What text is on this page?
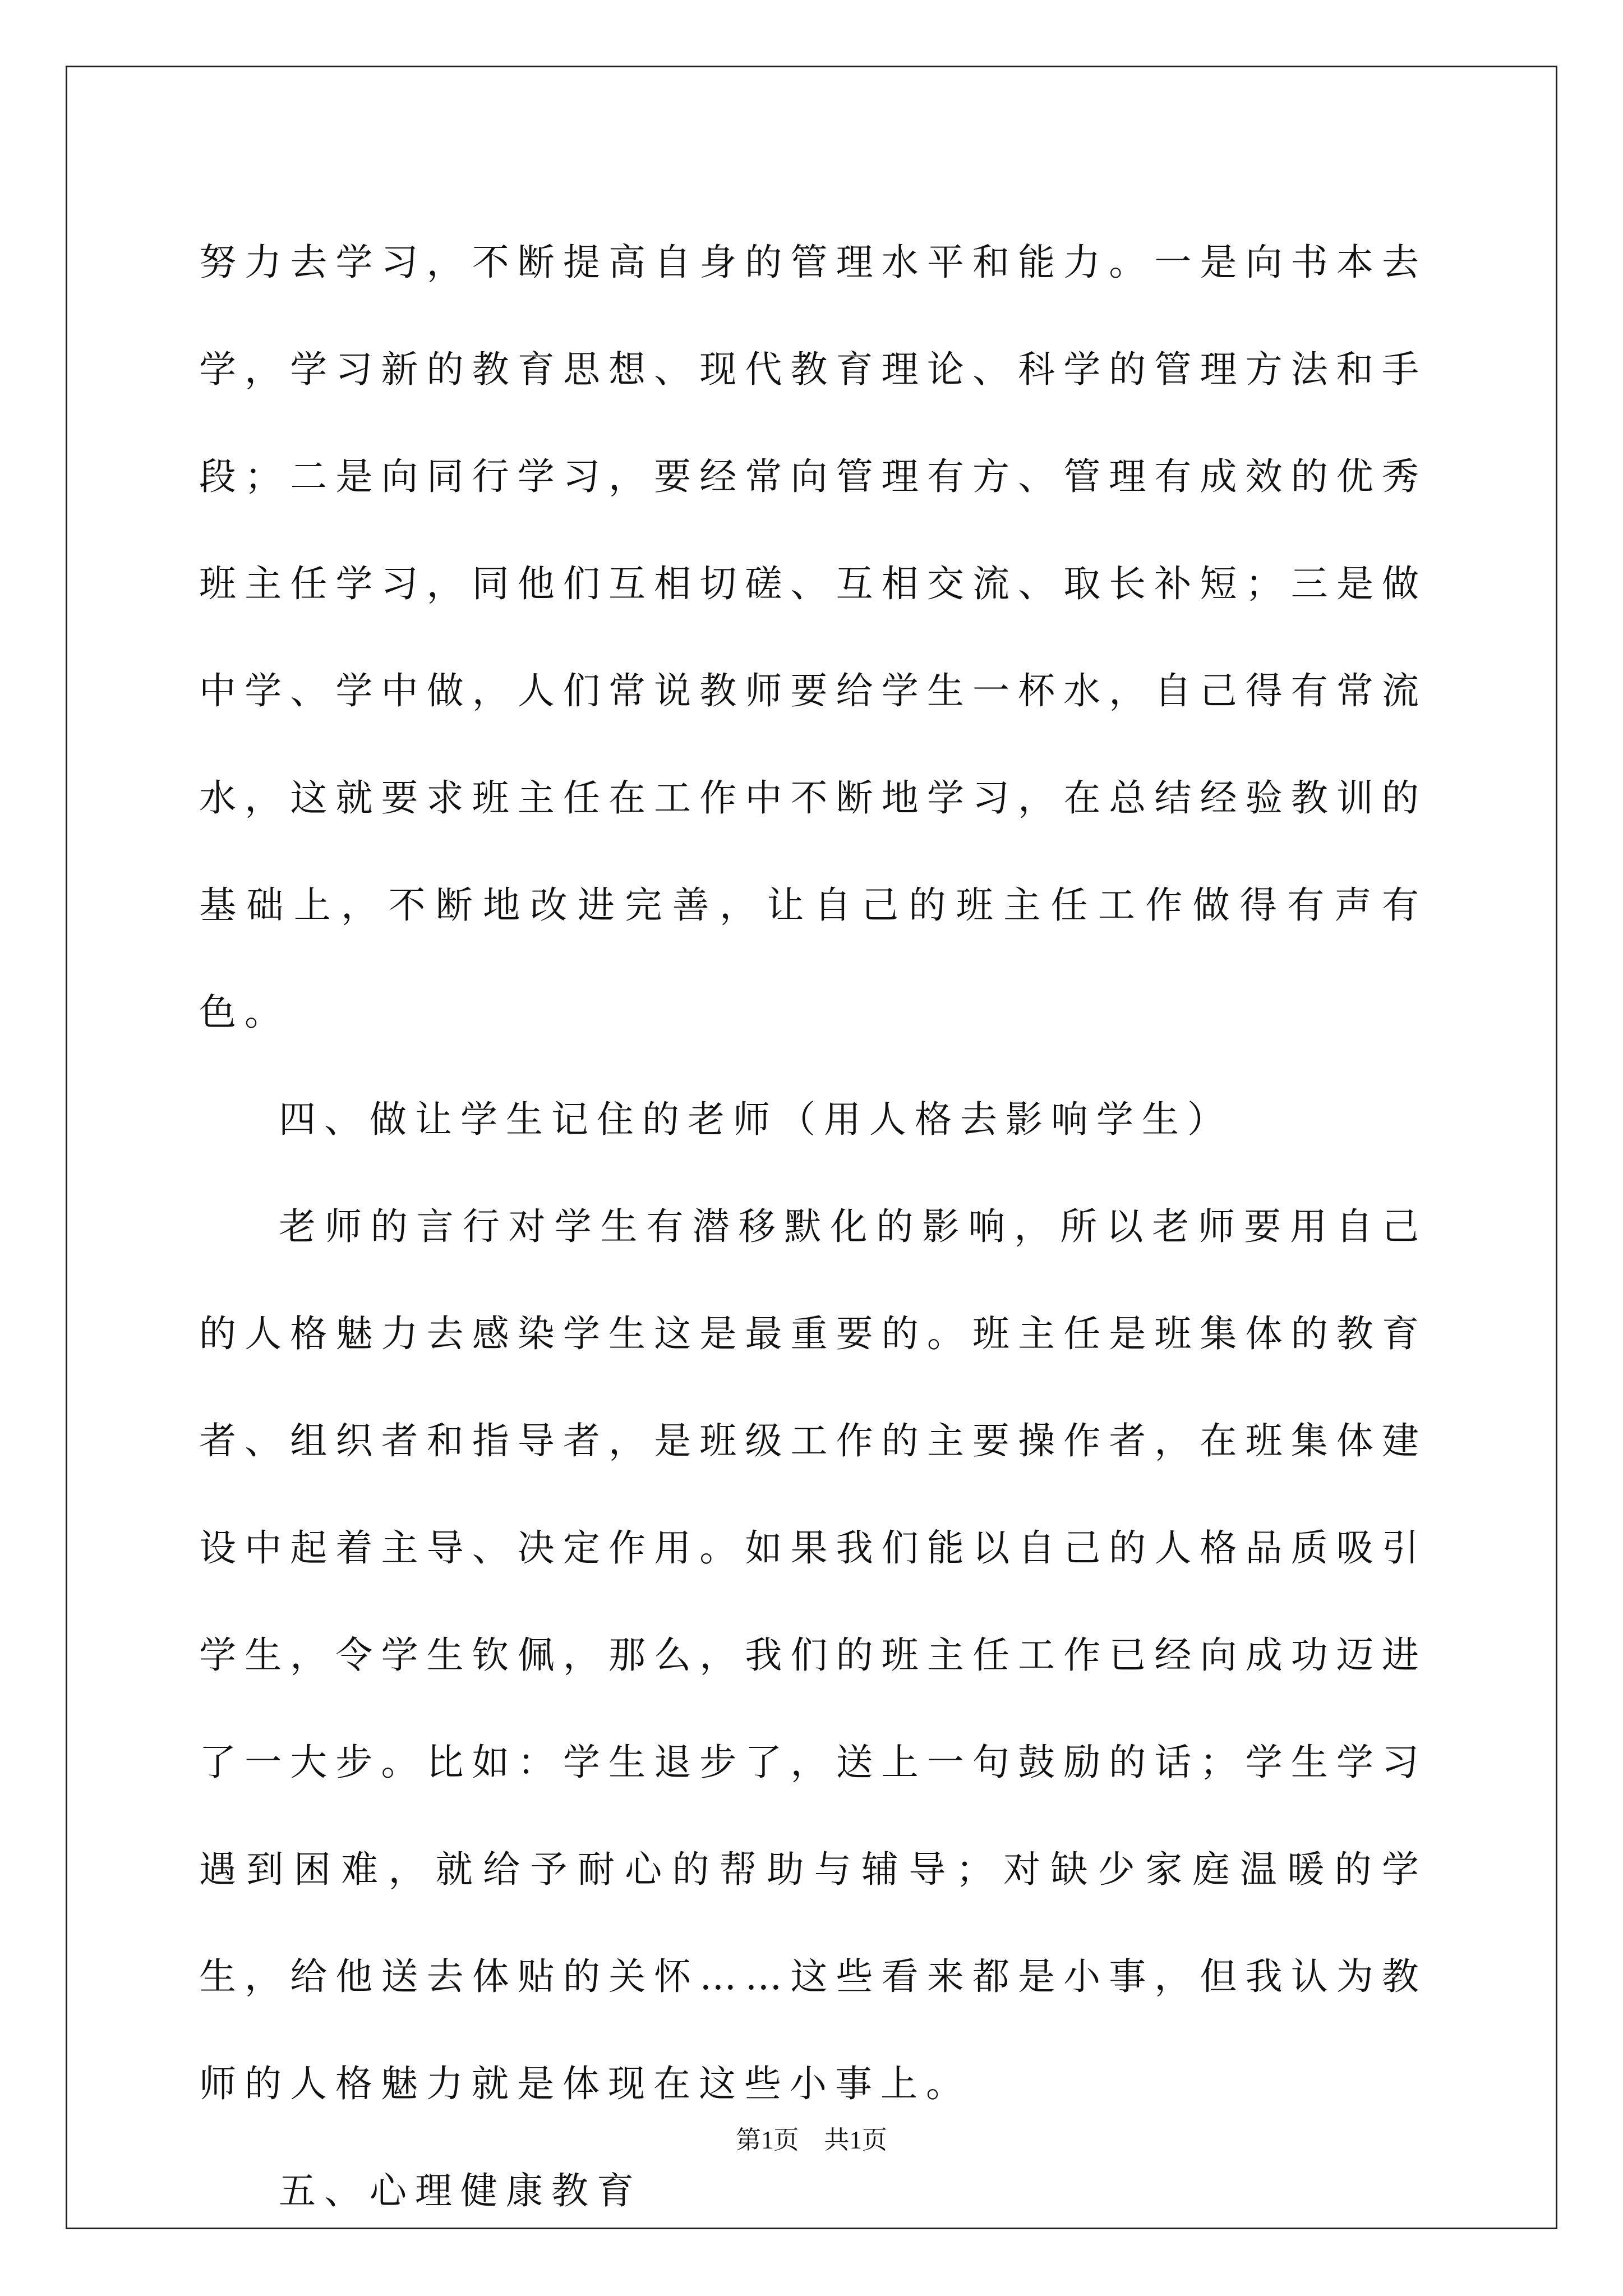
努力去学习，不断提高自身的管理水平和能力。一是向书本去学，学习新的教育思想、现代教育理论、科学的管理方法和手段；二是向同行学习，要经常向管理有方、管理有成效的优秀班主任学习，同他们互相切磋、互相交流、取长补短；三是做中学、学中做，人们常说教师要给学生一杯水，自己得有常流水，这就要求班主任在工作中不断地学习，在总结经验教训的基础上，不断地改进完善，让自己的班主任工作做得有声有色。

四、做让学生记住的老师（用人格去影响学生）

老师的言行对学生有潜移默化的影响，所以老师要用自己的人格魅力去感染学生这是最重要的。班主任是班集体的教育者、组织者和指导者，是班级工作的主要操作者，在班集体建设中起着主导、决定作用。如果我们能以自己的人格品质吸引学生，令学生钦佩，那么，我们的班主任工作已经向成功迈进了一大步。比如：学生退步了，送上一句鼓励的话；学生学习遇到困难，就给予耐心的帮助与辅导；对缺少家庭温暖的学生，给他送去体贴的关怀……这些看来都是小事，但我认为教师的人格魅力就是体现在这些小事上。

五、心理健康教育

第1页　共1页
